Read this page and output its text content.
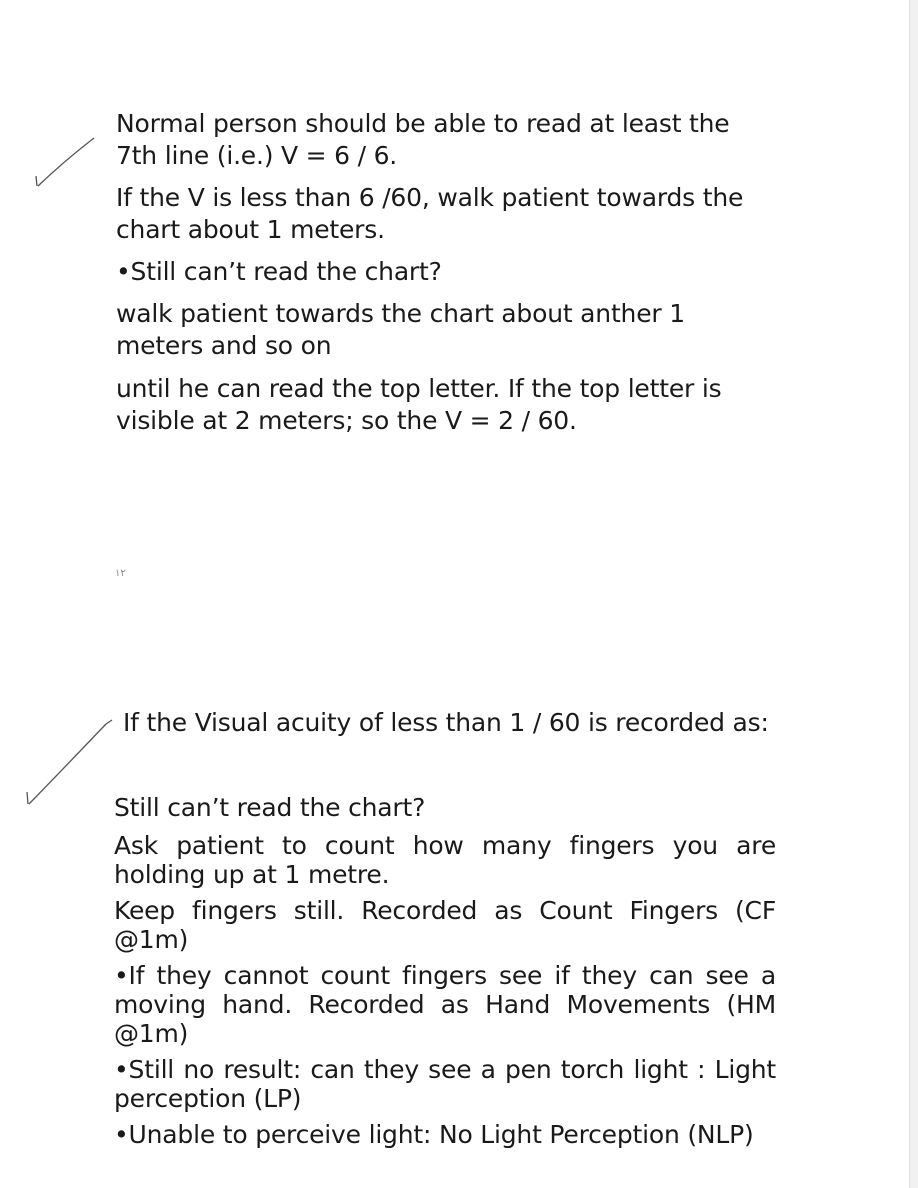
Normal person should be able to read at least the
7th line (i.e.) V = 6 / 6.

If the V is less than 6 /60, walk patient towards the
chart about 1 meters.

•Still can’t read the chart?

walk patient towards the chart about anther 1
meters and so on

until he can read the top letter. If the top letter is
visible at 2 meters; so the V = 2 / 60.

١٢

If the Visual acuity of less than 1 / 60 is recorded as:

Still can’t read the chart?

Ask patient to count how many fingers you are holding up at 1 metre.

Keep fingers still. Recorded as Count Fingers (CF @1m)

•If they cannot count fingers see if they can see a moving hand. Recorded as Hand Movements (HM @1m)

•Still no result: can they see a pen torch light : Light perception (LP)

•Unable to perceive light: No Light Perception (NLP)
